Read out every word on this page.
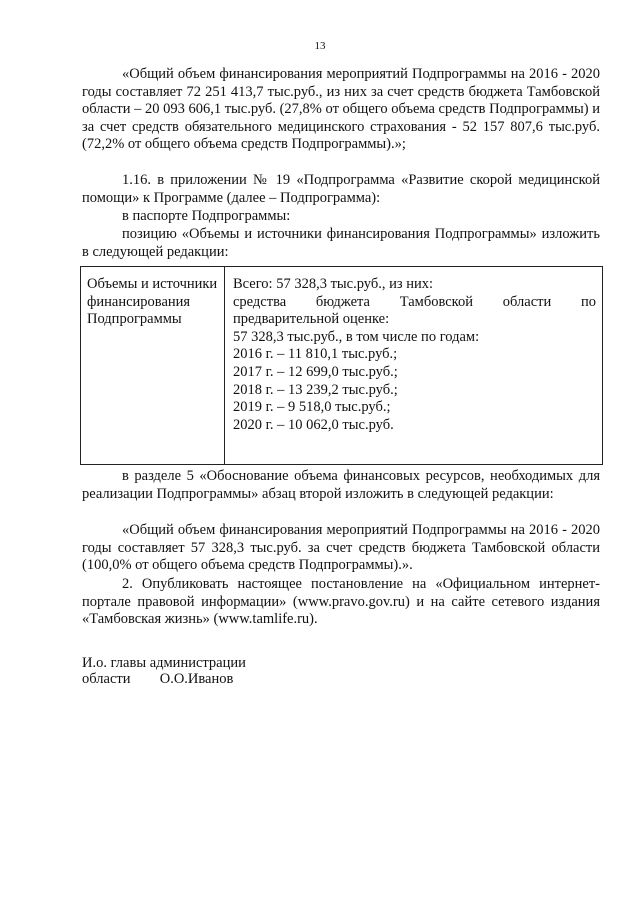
13

«Общий объем финансирования мероприятий Подпрограммы на 2016 - 2020 годы составляет 72 251 413,7 тыс.руб., из них за счет средств бюджета Тамбовской области – 20 093 606,1 тыс.руб. (27,8% от общего объема средств Подпрограммы) и за счет средств обязательного медицинского страхования - 52 157 807,6 тыс.руб. (72,2% от общего объема средств Подпрограммы).»;

1.16. в приложении № 19 «Подпрограмма «Развитие скорой медицинской помощи» к Программе (далее – Подпрограмма):

в паспорте Подпрограммы:

позицию «Объемы и источники финансирования Подпрограммы» изложить в следующей редакции:

Объемы и источники финансирования Подпрограммы
Всего: 57 328,3 тыс.руб., из них:
средства бюджета Тамбовской области по
предварительной оценке:
57 328,3 тыс.руб., в том числе по годам:
2016 г. – 11 810,1 тыс.руб.;
2017 г. – 12 699,0 тыс.руб.;
2018 г. – 13 239,2 тыс.руб.;
2019 г. – 9 518,0 тыс.руб.;
2020 г. – 10 062,0 тыс.руб.

в разделе 5 «Обоснование объема финансовых ресурсов, необходимых для реализации Подпрограммы» абзац второй изложить в следующей редакции:

«Общий объем финансирования мероприятий Подпрограммы на 2016 - 2020 годы составляет 57 328,3 тыс.руб. за счет средств бюджета Тамбовской области (100,0% от общего объема средств Подпрограммы).».

2. Опубликовать настоящее постановление на «Официальном интернет-портале правовой информации» (www.pravo.gov.ru) и на сайте сетевого издания «Тамбовская жизнь» (www.tamlife.ru).

И.о. главы администрации
области О.О.Иванов
